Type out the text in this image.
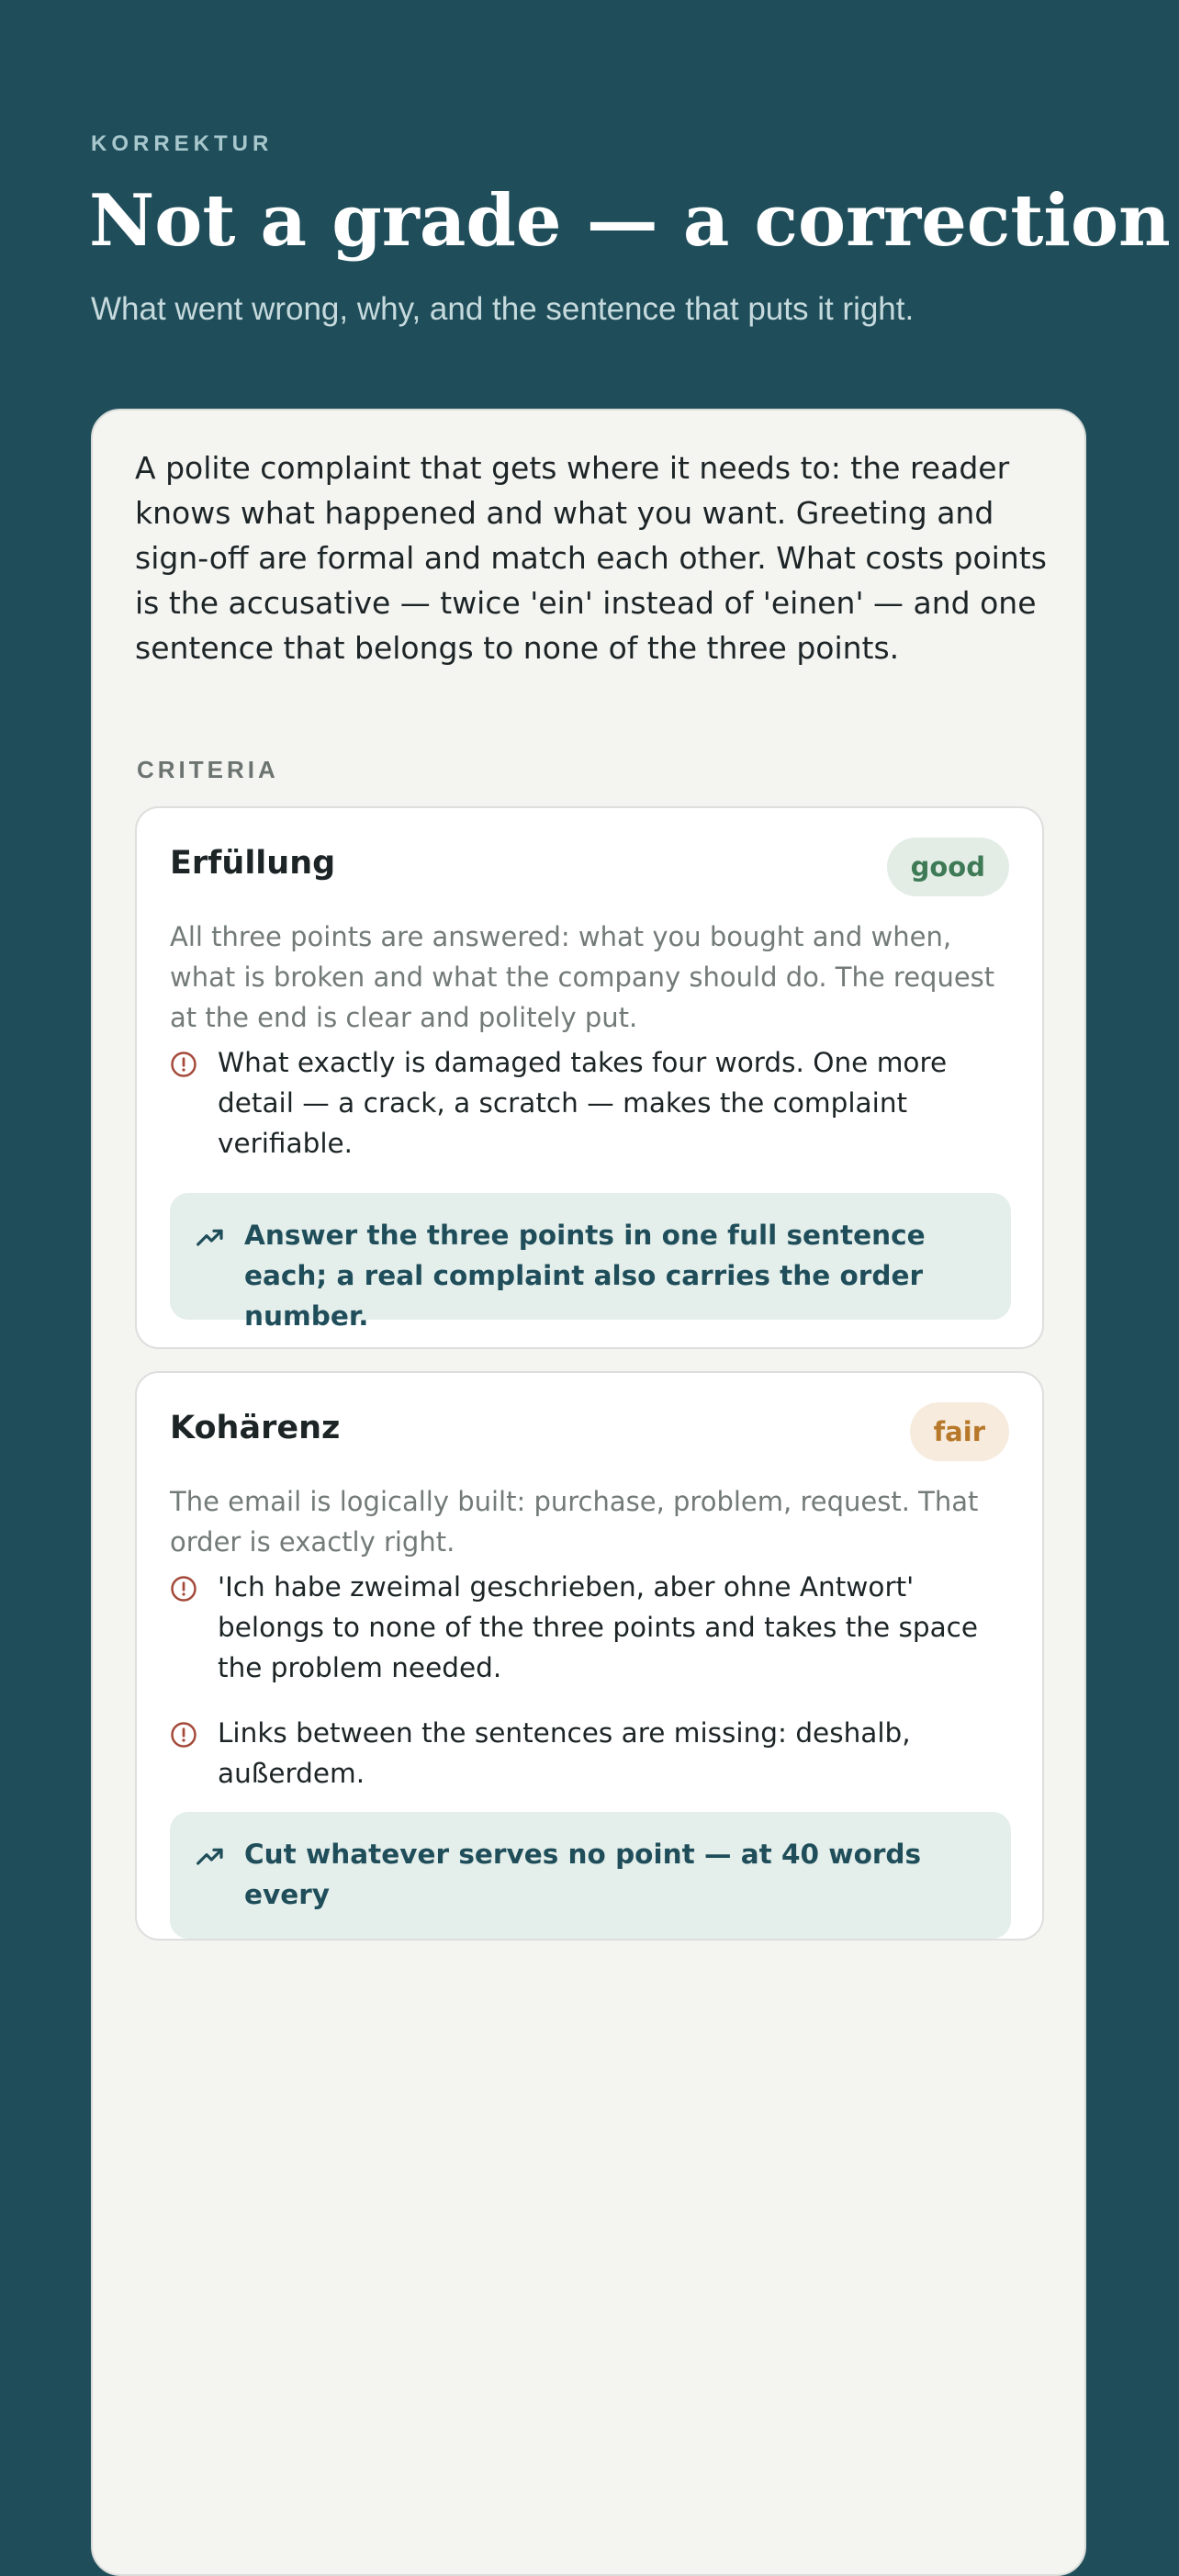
KORREKTUR
Not a grade — a correction
What went wrong, why, and the sentence that puts it right.

A polite complaint that gets where it needs to: the reader knows what happened and what you want. Greeting and sign-off are formal and match each other. What costs points is the accusative — twice 'ein' instead of 'einen' — and one sentence that belongs to none of the three points.

CRITERIA
Erfüllung	good

All three points are answered: what you bought and when, what is broken and what the company should do. The request at the end is clear and politely put.

What exactly is damaged takes four words. One more detail — a crack, a scratch — makes the complaint verifiable.

Answer the three points in one full sentence each; a real complaint also carries the order number.

Kohärenz	fair

The email is logically built: purchase, problem, request. That order is exactly right.

'Ich habe zweimal geschrieben, aber ohne Antwort' belongs to none of the three points and takes the space the problem needed.

Links between the sentences are missing: deshalb, außerdem.

Cut whatever serves no point — at 40 words every
